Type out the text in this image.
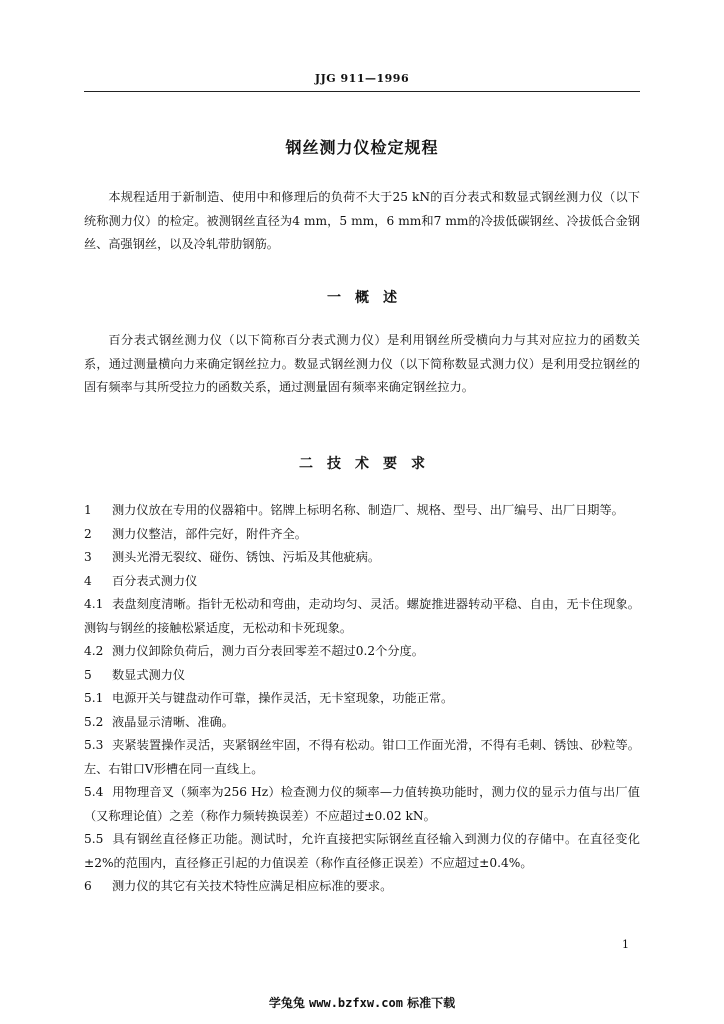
JJG 911—1996
钢丝测力仪检定规程

本规程适用于新制造、使用中和修理后的负荷不大于25 kN的百分表式和数显式钢丝测力仪（以下统称测力仪）的检定。被测钢丝直径为4 mm，5 mm，6 mm和7 mm的冷拔低碳钢丝、冷拔低合金钢丝、高强钢丝，以及冷轧带肋钢筋。

一　概　述

百分表式钢丝测力仪（以下简称百分表式测力仪）是利用钢丝所受横向力与其对应拉力的函数关系，通过测量横向力来确定钢丝拉力。数显式钢丝测力仪（以下简称数显式测力仪）是利用受拉钢丝的固有频率与其所受拉力的函数关系，通过测量固有频率来确定钢丝拉力。

二　技　术　要　求

1 测力仪放在专用的仪器箱中。铭牌上标明名称、制造厂、规格、型号、出厂编号、出厂日期等。

2 测力仪整洁，部件完好，附件齐全。

3 测头光滑无裂纹、碰伤、锈蚀、污垢及其他疵病。

4 百分表式测力仪

4.1 表盘刻度清晰。指针无松动和弯曲，走动均匀、灵活。螺旋推进器转动平稳、自由，无卡住现象。测钩与钢丝的接触松紧适度，无松动和卡死现象。

4.2 测力仪卸除负荷后，测力百分表回零差不超过0.2个分度。

5 数显式测力仪

5.1 电源开关与键盘动作可靠，操作灵活，无卡窒现象，功能正常。

5.2 液晶显示清晰、准确。

5.3 夹紧装置操作灵活，夹紧钢丝牢固，不得有松动。钳口工作面光滑，不得有毛刺、锈蚀、砂粒等。左、右钳口V形槽在同一直线上。

5.4 用物理音叉（频率为256 Hz）检查测力仪的频率—力值转换功能时，测力仪的显示力值与出厂值（又称理论值）之差（称作力频转换误差）不应超过±0.02 kN。

5.5 具有钢丝直径修正功能。测试时，允许直接把实际钢丝直径输入到测力仪的存储中。在直径变化±2%的范围内，直径修正引起的力值误差（称作直径修正误差）不应超过±0.4%。

6 测力仪的其它有关技术特性应满足相应标准的要求。

1
学兔兔 www.bzfxw.com 标准下载
